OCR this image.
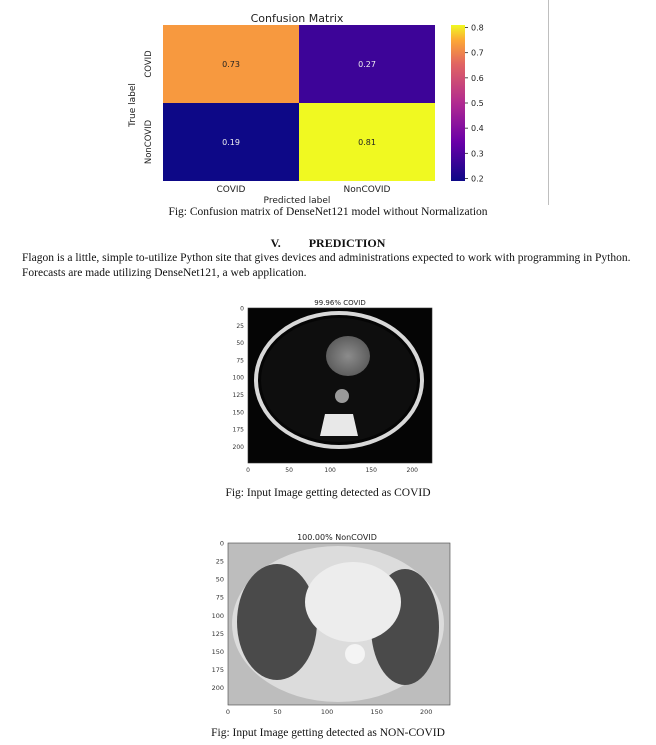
Confusion Matrix
0.73	0.27
0.19	0.81
COVID	NonCOVID
COVID
NonCOVID
0.8
0.7
0.6
0.5
0.4
0.3
0.2
Predicted label
True label
Fig: Confusion matrix of DenseNet121 model without Normalization
V. PREDICTION
Flagon is a little, simple to-utilize Python site that gives devices and administrations expected to work with programming in Python.
Forecasts are made utilizing DenseNet121, a web application.
99.96% COVID
0
25
50
75
100
125
150
175
200
0	50	100	150	200
Fig: Input Image getting detected as COVID
100.00% NonCOVID
0
25
50
75
100
125
150
175
200
0	50	100	150	200
Fig: Input Image getting detected as NON-COVID
